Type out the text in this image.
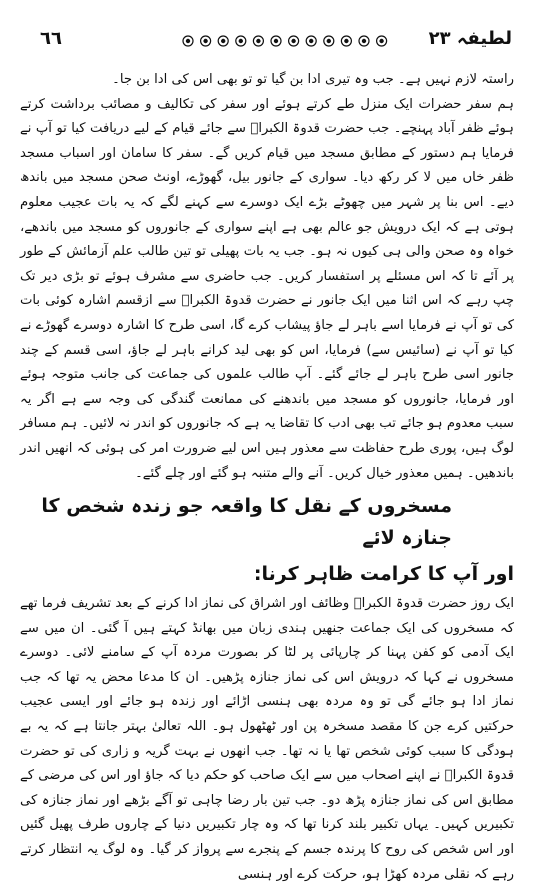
٦٦	لطیفہ ۲۳

راستہ لازم نہیں ہے۔ جب وہ تیری ادا بن گیا تو تو بھی اس کی ادا بن جا۔

ہم سفر حضرات ایک منزل طے کرتے ہوئے اور سفر کی تکالیف و مصائب برداشت کرتے ہوئے ظفر آباد پہنچے۔ جب حضرت قدوۃ الکبراؒ سے جائے قیام کے لیے دریافت کیا تو آپ نے فرمایا ہم دستور کے مطابق مسجد میں قیام کریں گے۔ سفر کا سامان اور اسباب مسجد ظفر خاں میں لا کر رکھ دیا۔ سواری کے جانور بیل، گھوڑے، اونٹ صحن مسجد میں باندھ دیے۔ اس بنا پر شہر میں چھوٹے بڑے ایک دوسرے سے کہنے لگے کہ یہ بات عجیب معلوم ہوتی ہے کہ ایک درویش جو عالم بھی ہے اپنے سواری کے جانوروں کو مسجد میں باندھے، خواہ وہ صحن والی ہی کیوں نہ ہو۔ جب یہ بات پھیلی تو تین طالب علم آزمائش کے طور پر آئے تا کہ اس مسئلے پر استفسار کریں۔ جب حاضری سے مشرف ہوئے تو بڑی دیر تک چپ رہے کہ اس اثنا میں ایک جانور نے حضرت قدوۃ الکبراؒ سے ازقسم اشارہ کوئی بات کی تو آپ نے فرمایا اسے باہر لے جاؤ پیشاب کرے گا، اسی طرح کا اشارہ دوسرے گھوڑے نے کیا تو آپ نے (سائیس سے) فرمایا، اس کو بھی لید کرانے باہر لے جاؤ، اسی قسم کے چند جانور اسی طرح باہر لے جائے گئے۔ آپ طالب علموں کی جماعت کی جانب متوجہ ہوئے اور فرمایا، جانوروں کو مسجد میں باندھنے کی ممانعت گندگی کی وجہ سے ہے اگر یہ سبب معدوم ہو جائے تب بھی ادب کا تقاضا یہ ہے کہ جانوروں کو اندر نہ لائیں۔ ہم مسافر لوگ ہیں، پوری طرح حفاظت سے معذور ہیں اس لیے ضرورت امر کی ہوئی کہ انھیں اندر باندھیں۔ ہمیں معذور خیال کریں۔ آنے والے متنبہ ہو گئے اور چلے گئے۔

مسخروں کے نقل کا واقعہ جو زندہ شخص کا جنازہ لائے
اور آپ کا کرامت ظاہر کرنا:

ایک روز حضرت قدوۃ الکبراؒ وظائف اور اشراق کی نماز ادا کرنے کے بعد تشریف فرما تھے کہ مسخروں کی ایک جماعت جنھیں ہندی زبان میں بھانڈ کہتے ہیں آ گئی۔ ان میں سے ایک آدمی کو کفن پہنا کر چارپائی پر لٹا کر بصورت مردہ آپ کے سامنے لائی۔ دوسرے مسخروں نے کہا کہ درویش اس کی نماز جنازہ پڑھیں۔ ان کا مدعا محض یہ تھا کہ جب نماز ادا ہو جائے گی تو وہ مردہ بھی ہنسی اڑائے اور زندہ ہو جائے اور ایسی عجیب حرکتیں کرے جن کا مقصد مسخرہ پن اور ٹھٹھول ہو۔ اللہ تعالیٰ بہتر جانتا ہے کہ یہ بے ہودگی کا سبب کوئی شخص تھا یا نہ تھا۔ جب انھوں نے بہت گریہ و زاری کی تو حضرت قدوۃ الکبراؒ نے اپنے اصحاب میں سے ایک صاحب کو حکم دیا کہ جاؤ اور اس کی مرضی کے مطابق اس کی نماز جنازہ پڑھ دو۔ جب تین بار رضا چاہی تو آگے بڑھے اور نماز جنازہ کی تکبیریں کہیں۔ یہاں تکبیر بلند کرنا تھا کہ وہ چار تکبیریں دنیا کے چاروں طرف پھیل گئیں اور اس شخص کی روح کا پرندہ جسم کے پنجرے سے پرواز کر گیا۔ وہ لوگ یہ انتظار کرتے رہے کہ نقلی مردہ کھڑا ہو، حرکت کرے اور ہنسی
